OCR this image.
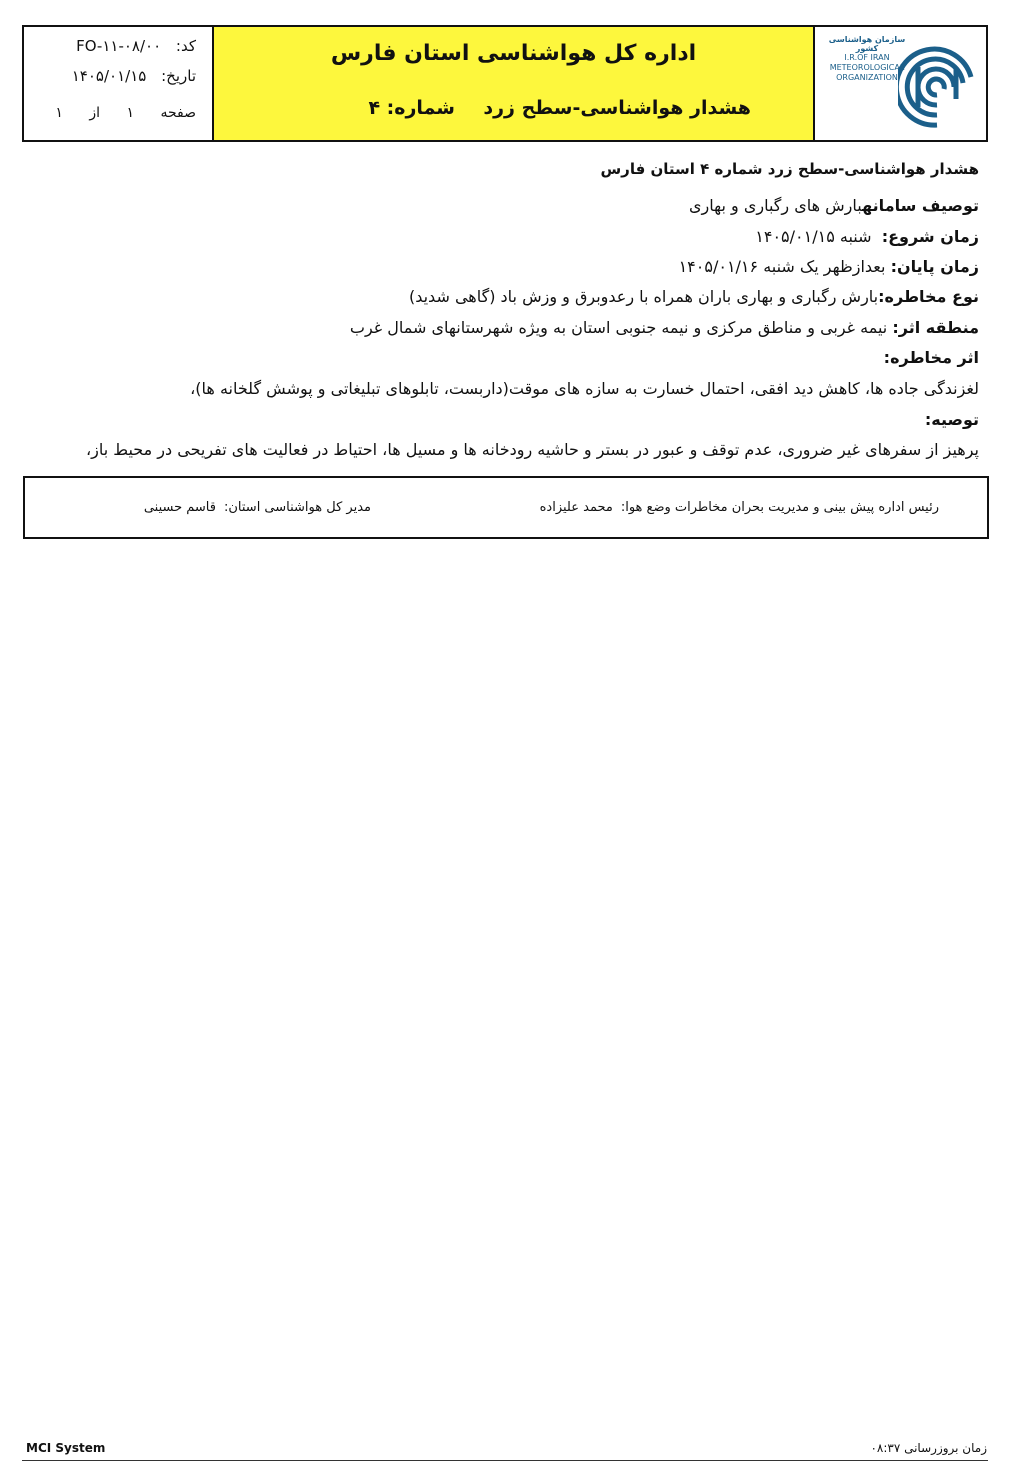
کد: FO-۱۱-۰۸/۰۰
تاریخ: ۱۴۰۵/۰۱/۱۵
صفحه ۱ از ۱
اداره کل هواشناسی استان فارس
هشدار هواشناسی-سطح زرد
شماره: ۴
سازمان هواشناسی کشور
I.R.OF IRAN
METEOROLOGICAL
ORGANIZATION
هشدار هواشناسی-سطح زرد شماره ۴ استان فارس
توصیف سامانهبارش های رگباری و بهاری
زمان شروع:  شنبه ۱۴۰۵/۰۱/۱۵
زمان پایان: بعدازظهر یک شنبه ۱۴۰۵/۰۱/۱۶
نوع مخاطره:بارش رگباری و بهاری باران همراه با رعدوبرق و وزش باد (گاهی شدید)
منطقه اثر: نیمه غربی و مناطق مرکزی و نیمه جنوبی استان به ویژه شهرستانهای شمال غرب
اثر مخاطره:
لغزندگی جاده ها، کاهش دید افقی، احتمال خسارت به سازه های موقت(داربست، تابلوهای تبلیغاتی و پوشش گلخانه ها)،
توصیه:
پرهیز از سفرهای غیر ضروری، عدم توقف و عبور در بستر و حاشیه رودخانه ها و مسیل ها، احتیاط در فعالیت های تفریحی در محیط باز،
رئیس اداره پیش بینی و مدیریت بحران مخاطرات وضع هوا:محمد علیزاده
مدیر کل هواشناسی استان:قاسم حسینی
MCI System	زمان بروزرسانی ۰۸:۳۷
